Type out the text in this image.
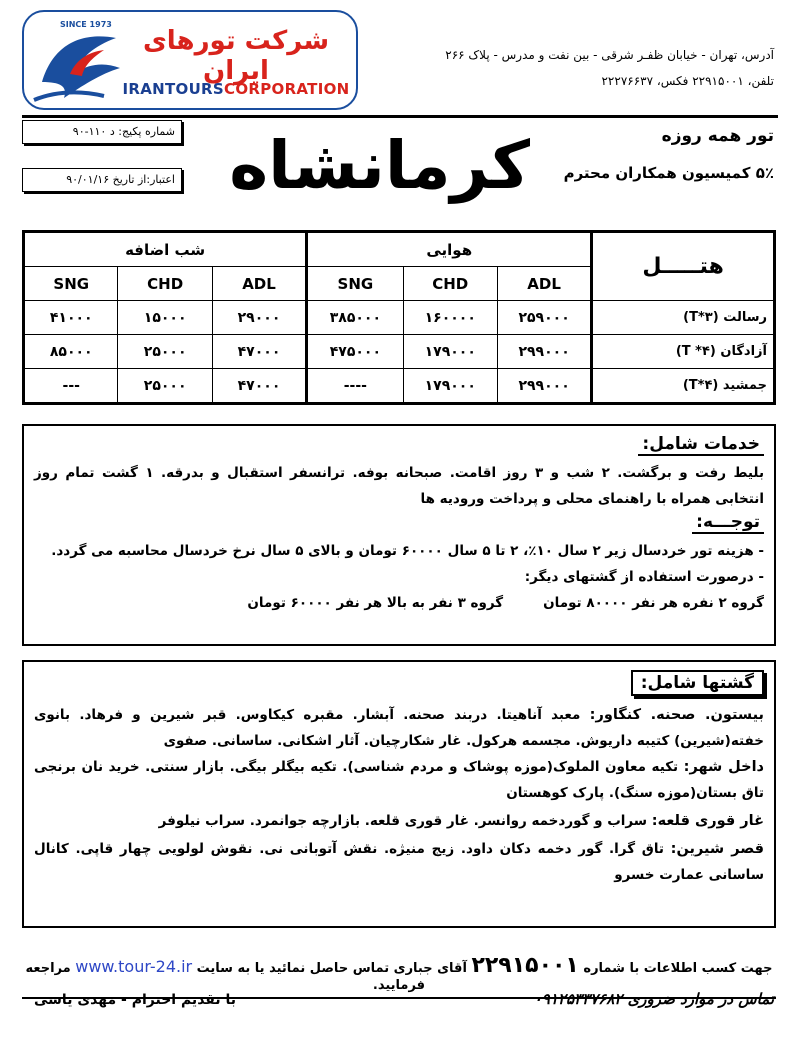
SINCE 1973
شرکت تورهای ایران
IRANTOURSCORPORATION
آدرس، تهران - خیابان ظفـر شرقی - بین نفت و مدرس - پلاک ۲۶۶
تلفن، ۲۲۹۱۵۰۰۱ فکس، ۲۲۲۷۶۶۳۷
شماره پکیج: د ۱۱۰-۹۰
اعتبار:از تاریخ ۹۰/۰۱/۱۶ کرمانشاه	تور همه روزه
۵٪ کمیسیون همکاران محترم
هتـــــل	هوایی			شب اضافه		
	ADL	CHD	SNG	ADL	CHD	SNG
رسالت (۳*T)	۲۵۹۰۰۰	۱۶۰۰۰۰	۳۸۵۰۰۰	۲۹۰۰۰	۱۵۰۰۰	۴۱۰۰۰
آزادگان (۴* T)	۲۹۹۰۰۰	۱۷۹۰۰۰	۴۷۵۰۰۰	۴۷۰۰۰	۲۵۰۰۰	۸۵۰۰۰
جمشید (۴*T)	۲۹۹۰۰۰	۱۷۹۰۰۰	----	۴۷۰۰۰	۲۵۰۰۰	---
خدمات شامل:
بلیط رفت و برگشت. ۲ شب و ۳ روز اقامت. صبحانه بوفه. ترانسفر استقبال و بدرقه. ۱ گشت تمام روز انتخابی همراه با راهنمای محلی و پرداخت ورودیه ها
توجـــه:
- هزینه تور خردسال زیر ۲ سال ۱۰٪، ۲ تا ۵ سال ۶۰۰۰۰ تومان و بالای ۵ سال نرخ خردسال محاسبه می گردد.
- درصورت استفاده از گشتهای دیگر:
گروه ۲ نفره هر نفر ۸۰۰۰۰ تومانگروه ۳ نفر به بالا هر نفر ۶۰۰۰۰ تومان
گشتها شامل:
بیستون. صحنه. کنگاور: معبد آناهیتا. دربند صحنه. آبشار. مقبره کیکاوس. قبر شیرین و فرهاد. بانوی خفته(شیرین) کتیبه داریوش. مجسمه هرکول. غار شکارچیان. آثار اشکانی. ساسانی. صفوی
داخل شهر: تکیه معاون الملوک(موزه پوشاک و مردم شناسی). تکیه بیگلر بیگی. بازار سنتی. خرید نان برنجی تاق بستان(موزه سنگ). پارک کوهستان
غار قوری قلعه: سراب و گوردخمه روانسر. غار قوری قلعه. بازارچه جوانمرد. سراب نیلوفر
قصر شیرین: تاق گرا. گور دخمه دکان داود. زیج منیژه. نقش آتوبانی نی. نقوش لولویی چهار قاپی. کانال ساسانی عمارت خسرو
جهت کسب اطلاعات با شماره ۲۲۹۱۵۰۰۱ آقای جباری تماس حاصل نمائید یا به سایت www.tour-24.ir مراجعه فرمایید.
تماس در موارد ضروری ۰۹۱۲۵۳۳۷۶۸۲
با تقدیم احترام - مهدی یاسی
